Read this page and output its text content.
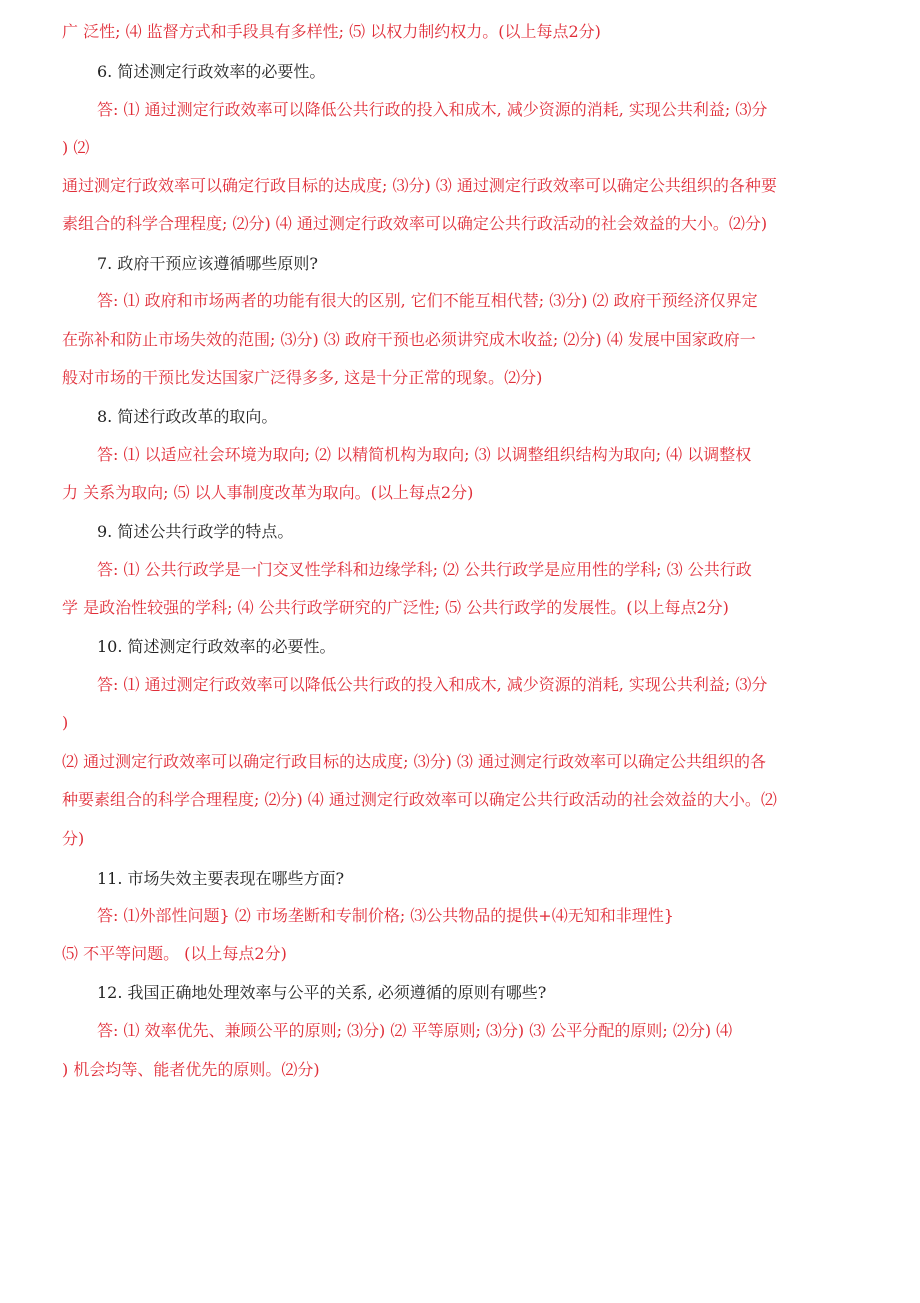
广 泛性; ⑷ 监督方式和手段具有多样性; ⑸ 以权力制约权力。(以上每点2分)
6. 简述测定行政效率的必要性。
答: ⑴ 通过测定行政效率可以降低公共行政的投入和成木, 减少资源的消耗, 实现公共利益; ⑶分
) ⑵
通过测定行政效率可以确定行政目标的达成度; ⑶分) ⑶ 通过测定行政效率可以确定公共组织的各种要
素组合的科学合理程度; ⑵分) ⑷ 通过测定行政效率可以确定公共行政活动的社会效益的大小。⑵分)
7. 政府干预应该遵循哪些原则?
答: ⑴ 政府和市场两者的功能有很大的区别, 它们不能互相代替; ⑶分) ⑵ 政府干预经济仅界定
在弥补和防止市场失效的范围; ⑶分) ⑶ 政府干预也必须讲究成木收益; ⑵分) ⑷ 发展中国家政府一
般对市场的干预比发达国家广泛得多多, 这是十分正常的现象。⑵分)
8. 简述行政改革的取向。
答: ⑴ 以适应社会环境为取向; ⑵ 以精简机构为取向; ⑶ 以调整组织结构为取向; ⑷ 以调整权
力 关系为取向; ⑸ 以人事制度改革为取向。(以上每点2分)
9. 简述公共行政学的特点。
答: ⑴ 公共行政学是一门交叉性学科和边缘学科; ⑵ 公共行政学是应用性的学科; ⑶ 公共行政
学 是政治性较强的学科; ⑷ 公共行政学研究的广泛性; ⑸ 公共行政学的发展性。(以上每点2分)
10. 简述测定行政效率的必要性。
答: ⑴ 通过测定行政效率可以降低公共行政的投入和成木, 减少资源的消耗, 实现公共利益; ⑶分
)
⑵ 通过测定行政效率可以确定行政目标的达成度; ⑶分) ⑶ 通过测定行政效率可以确定公共组织的各
种要素组合的科学合理程度; ⑵分) ⑷ 通过测定行政效率可以确定公共行政活动的社会效益的大小。⑵
分)
11. 市场失效主要表现在哪些方面?
答: ⑴外部性问题} ⑵ 市场垄断和专制价格; ⑶公共物品的提供+⑷无知和非理性}
⑸ 不平等问题。 (以上每点2分)
12. 我国正确地处理效率与公平的关系, 必须遵循的原则有哪些?
答: ⑴ 效率优先、兼顾公平的原则; ⑶分) ⑵ 平等原则; ⑶分) ⑶ 公平分配的原则; ⑵分) ⑷
) 机会均等、能者优先的原则。⑵分)
